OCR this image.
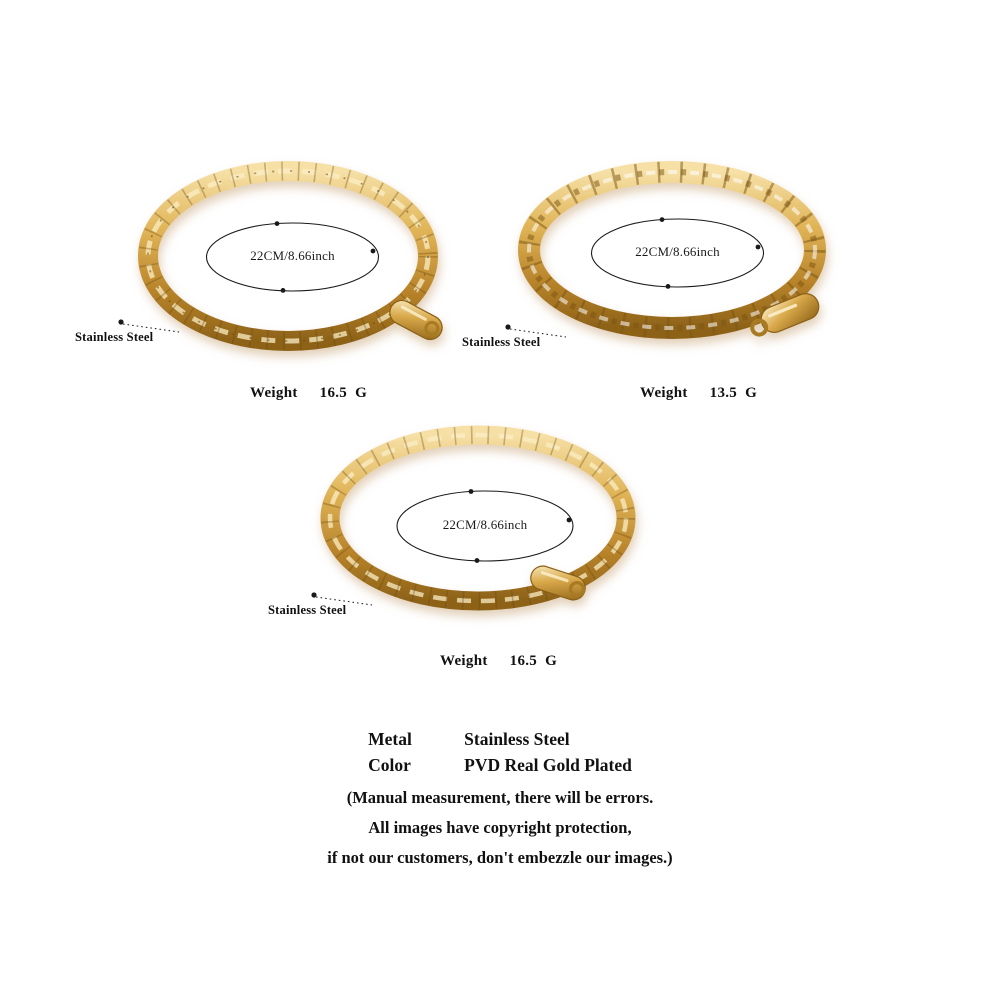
22CM/8.66inch
Stainless Steel
Weight 16.5 G
22CM/8.66inch
Stainless Steel
Weight 13.5 G
22CM/8.66inch
Stainless Steel
Weight 16.5 G
Metal	Stainless Steel
Color	PVD Real Gold Plated
(Manual measurement, there will be errors.
All images have copyright protection,
if not our customers, don't embezzle our images.)
